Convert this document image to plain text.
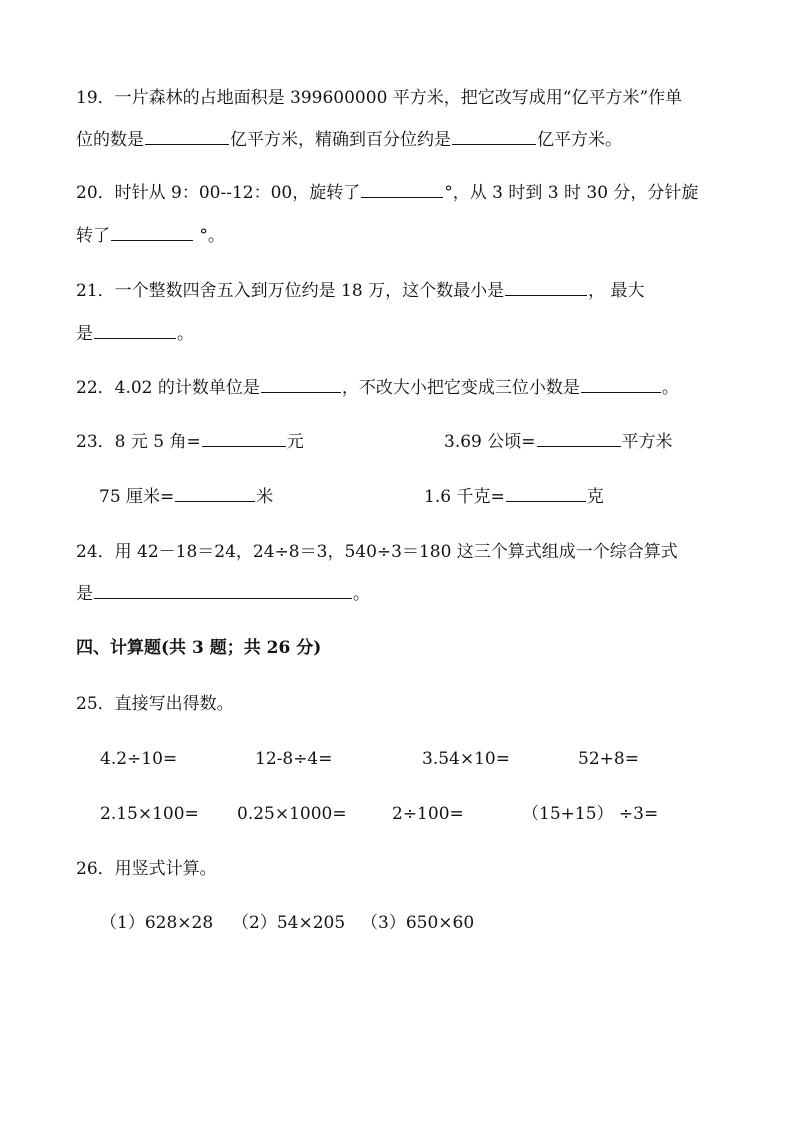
19．一片森林的占地面积是 399600000 平方米，把它改写成用“亿平方米”作单
位的数是	亿平方米，精确到百分位约是	亿平方米。
20．时针从 9：00--12：00，旋转了	°，从 3 时到 3 时 30 分，分针旋
转了	°。
21．一个整数四舍五入到万位约是 18 万，这个数最小是	， 最大
是	。
22．4.02 的计数单位是	，不改大小把它变成三位小数是	。
23．8 元 5 角=	元	3.69 公顷=	平方米
75 厘米=	米	1.6 千克=	克
24．用 42－18＝24，24÷8＝3，540÷3＝180 这三个算式组成一个综合算式
是	。
四、计算题(共 3 题；共 26 分)
25．直接写出得数。
4.2÷10=	12-8÷4=	3.54×10=	52+8=
2.15×100= 0.25×1000=	2÷100=	（15+15） ÷3=
26．用竖式计算。
（1）628×28 （2）54×205 （3）650×60
